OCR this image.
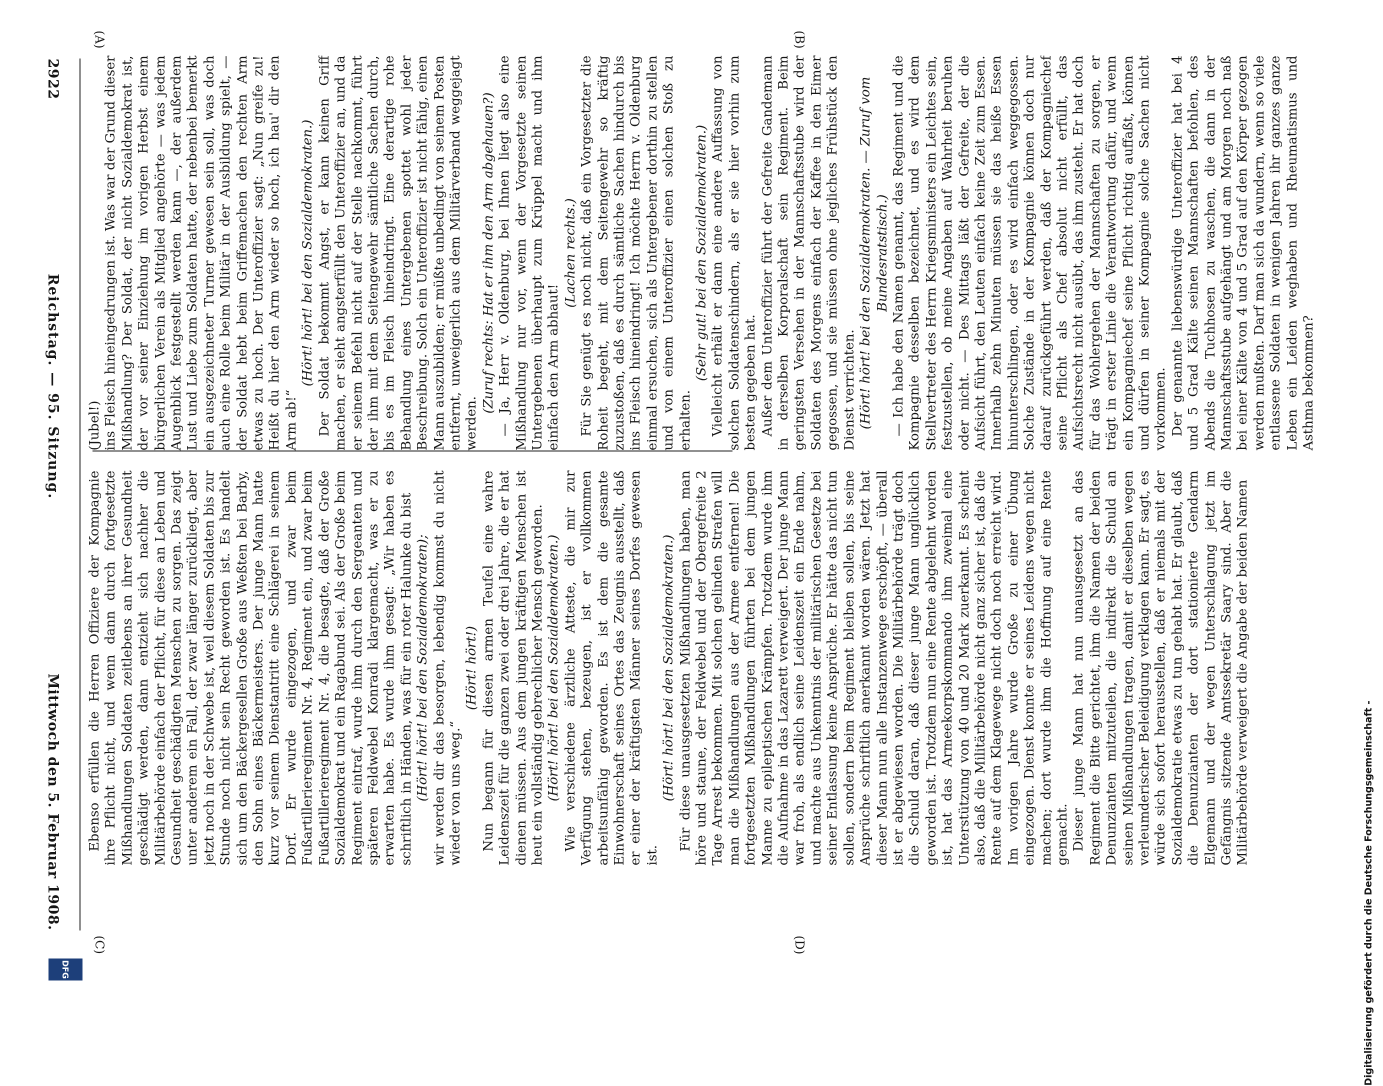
2922
Reichstag. — 95. Sitzung.
Mittwoch den 5. Februar 1908.
(A)	(B)
(C)	(D)

(Jubel!) ins Fleisch hineingedrungen ist. Was war der Grund dieser Mißhandlung? Der Soldat, der nicht Sozialdemokrat ist, der vor seiner Einziehung im vorigen Herbst einem bürgerlichen Verein als Mitglied angehörte — was jedem Augenblick festgestellt werden kann —, der außerdem Lust und Liebe zum Soldaten hatte, der nebenbei bemerkt ein ausgezeichneter Turner gewesen sein soll, was doch auch eine Rolle beim Militär in der Ausbildung spielt, — der Soldat hebt beim Griffemachen den rechten Arm etwas zu hoch. Der Unteroffizier sagt: „Nun greife zu! Heißt du hier den Arm wieder so hoch, ich hau' dir den Arm ab!“

(Hört! hört! bei den Sozialdemokraten.) Der Soldat bekommt Angst, er kann keinen Griff machen, er sieht angsterfüllt den Unteroffizier an, und da er seinem Befehl nicht auf der Stelle nachkommt, führt der ihm mit dem Seitengewehr sämtliche Sachen durch, bis es im Fleisch hineindringt. Eine derartige rohe Behandlung eines Untergebenen spottet wohl jeder Beschreibung. Solch ein Unteroffizier ist nicht fähig, einen Mann auszubilden; er müßte unbedingt von seinem Posten entfernt, unweigerlich aus dem Militärverband weggejagt werden.

(Zuruf rechts: Hat er ihm den Arm abgehauen?) — Ja, Herr v. Oldenburg, bei Ihnen liegt also eine Mißhandlung nur vor, wenn der Vorgesetzte seinen Untergebenen überhaupt zum Krüppel macht und ihm einfach den Arm abhaut!

(Lachen rechts.) Für Sie genügt es noch nicht, daß ein Vorgesetzter die Roheit begeht, mit dem Seitengewehr so kräftig zuzustoßen, daß es durch sämtliche Sachen hindurch bis ins Fleisch hineindringt! Ich möchte Herrn v. Oldenburg einmal ersuchen, sich als Untergebener dorthin zu stellen und von einem Unteroffizier einen solchen Stoß zu erhalten.

(Sehr gut! bei den Sozialdemokraten.) Vielleicht erhält er dann eine andere Auffassung von solchen Soldatenschindern, als er sie hier vorhin zum besten gegeben hat. Außer dem Unteroffizier führt der Gefreite Gandemann in derselben Korporalschaft sein Regiment. Beim geringsten Versehen in der Mannschaftsstube wird der Soldaten des Morgens einfach der Kaffee in den Eimer gegossen, und sie müssen ohne jegliches Frühstück den Dienst verrichten. (Hört! hört! bei den Sozialdemokraten. — Zuruf vom Bundesratstisch.) — Ich habe den Namen genannt, das Regiment und die Kompagnie desselben bezeichnet, und es wird dem Stellvertreter des Herrn Kriegsministers ein Leichtes sein, festzustellen, ob meine Angaben auf Wahrheit beruhen oder nicht. — Des Mittags läßt der Gefreite, der die Aufsicht führt, den Leuten einfach keine Zeit zum Essen. Innerhalb zehn Minuten müssen sie das heiße Essen hinunterschlingen, oder es wird einfach weggegossen. Solche Zustände in der Kompagnie können doch nur darauf zurückgeführt werden, daß der Kompagniechef seine Pflicht als Chef absolut nicht erfüllt, das Aufsichtsrecht nicht ausübt, das ihm zusteht. Er hat doch für das Wohlergehen der Mannschaften zu sorgen, er trägt in erster Linie die Verantwortung dafür, und wenn ein Kompagniechef seine Pflicht richtig auffaßt, können und dürfen in seiner Kompagnie solche Sachen nicht vorkommen. Der genannte liebenswürdige Unteroffizier hat bei 4 und 5 Grad Kälte seinen Mannschaften befohlen, des Abends die Tuchhosen zu waschen, die dann in der Mannschaftsstube aufgehängt und am Morgen noch naß bei einer Kälte von 4 und 5 Grad auf den Körper gezogen werden mußten. Darf man sich da wundern, wenn so viele entlassene Soldaten in wenigen Jahren ihr ganzes ganze Leben ein Leiden weghaben und Rheumatismus und Asthma bekommen?

Ebenso erfüllen die Herren Offiziere der Kompagnie ihre Pflicht nicht, und wenn dann durch fortgesetzte Mißhandlungen Soldaten zeitlebens an ihrer Gesundheit geschädigt werden, dann entzieht sich nachher die Militärbehörde einfach der Pflicht, für diese an Leben und Gesundheit geschädigten Menschen zu sorgen. Das zeigt unter anderem ein Fall, der zwar länger zurückliegt, aber jetzt noch in der Schwebe ist, weil diesem Soldaten bis zur Stunde noch nicht sein Recht geworden ist. Es handelt sich um den Bäckergesellen Große aus Weßten bei Barby, den Sohn eines Bäckermeisters. Der junge Mann hatte kurz vor seinem Dienstantritt eine Schlägerei in seinem Dorf. Er wurde eingezogen, und zwar beim Fußartillerieregiment Nr. 4, Regiment ein, und zwar beim Fußartillerieregiment Nr. 4, die besagte, daß der Große Sozialdemokrat und ein Ragabund sei. Als der Große beim Regiment eintraf, wurde ihm durch den Sergeanten und späteren Feldwebel Konradi klargemacht, was er zu erwarten habe. Es wurde ihm gesagt: „Wir haben es schriftlich in Händen, was für ein roter Halunke du bist (Hört! hört! bei den Sozialdemokraten); wir werden dir das besorgen, lebendig kommst du nicht wieder von uns weg.“

(Hört! hört!) Nun begann für diesen armen Teufel eine wahre Leidenszeit für die ganzen zwei oder drei Jahre, die er hat dienen müssen. Aus dem jungen kräftigen Menschen ist heut ein vollständig gebrechlicher Mensch geworden. (Hört! hört! bei den Sozialdemokraten.) Wie verschiedene ärztliche Atteste, die mir zur Verfügung stehen, bezeugen, ist er vollkommen arbeitsunfähig geworden. Es ist dem die gesamte Einwohnerschaft seines Ortes das Zeugnis ausstellt, daß er einer der kräftigsten Männer seines Dorfes gewesen ist.

(Hört! hört! bei den Sozialdemokraten.) Für diese unausgesetzten Mißhandlungen haben, man höre und staune, der Feldwebel und der Obergefreite 2 Tage Arrest bekommen. Mit solchen gelinden Strafen will man die Mißhandlungen aus der Armee entfernen! Die fortgesetzten Mißhandlungen führten bei dem jungen Manne zu epileptischen Krämpfen. Trotzdem wurde ihm die Aufnahme in das Lazarett verweigert. Der junge Mann war froh, als endlich seine Leidenszeit ein Ende nahm, und machte aus Unkenntnis der militärischen Gesetze bei seiner Entlassung keine Ansprüche. Er hätte das nicht tun sollen, sondern beim Regiment bleiben sollen, bis seine Ansprüche schriftlich anerkannt worden wären. Jetzt hat dieser Mann nun alle Instanzenwege erschöpft, — überall ist er abgewiesen worden. Die Militärbehörde trägt doch die Schuld daran, daß dieser junge Mann unglücklich geworden ist. Trotzdem nun eine Rente abgelehnt worden ist, hat das Armeekorpskommando ihm zweimal eine Unterstützung von 40 und 20 Mark zuerkannt. Es scheint also, daß die Militärbehörde nicht ganz sicher ist, daß die Rente auf dem Klagewege nicht doch noch erreicht wird. Im vorigen Jahre wurde Große zu einer Übung eingezogen. Dienst konnte er seines Leidens wegen nicht machen; dort wurde ihm die Hoffnung auf eine Rente gemacht. Dieser junge Mann hat nun unausgesetzt an das Regiment die Bitte gerichtet, ihm die Namen der beiden Denunzianten mitzuteilen, die indirekt die Schuld an seinen Mißhandlungen tragen, damit er dieselben wegen verleumderischer Beleidigung verklagen kann. Er sagt, es würde sich sofort herausstellen, daß er niemals mit der Sozialdemokratie etwas zu tun gehabt hat. Er glaubt, daß die Denunzianten der dort stationierte Gendarm Elgemann und der wegen Unterschlagung jetzt im Gefängnis sitzende Amtssekretär Saary sind. Aber die Militärbehörde verweigert die Angabe der beiden Namen

Digitalisierung gefördert durch die Deutsche Forschungsgemeinschaft -
DFG
